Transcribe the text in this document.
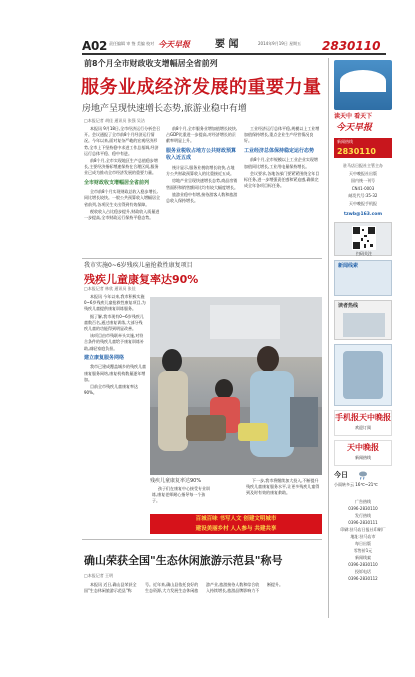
A02 责任编辑 审 签 美编 校对 今天早报	要 闻	2014年9月19日 星期五 2830110
前8个月全市财政收支增幅居全省前列
服务业成经济发展的重要力量
房地产呈现快速增长态势,旅游业稳中有增
□本报记者 胡佳 通讯员 张强 吴洁

本报讯 9月18日,全市经济运行分析会召开。会议通报了全市前8个月经济运行情况。今年以来,面对复杂严峻的宏观经济形势,全市上下坚持稳中求进工作总基调,经济运行总体平稳、稳中有进。

前8个月,全市实现地区生产总值稳步增长,主要经济指标增速保持在合理区间,服务业已成为推动全市经济发展的重要力量。

全市财政收支增幅居全省前列

全市前8个月实现财政总收入稳步增长,同比增长较快。一般公共预算收入增幅居全省前列,各项民生支出得到有效保障。

税收收入占比稳步提升,财政收入质量进一步提高,全市财政运行保持平稳态势。

前8个月,全市服务业增加值增长较快,占GDP比重进一步提高,对经济增长的贡献率明显上升。

服务业税收占地方公共财政预算收入近五成

统计显示,服务业税收增长较快,占地方公共财政预算收入的比重接近五成。

房地产业呈现快速增长态势,商品房销售面积和销售额同比均有较大幅度增长。

旅游业稳中有增,接待游客人数和旅游总收入保持增长。

工业经济运行总体平稳,规模以上工业增加值保持增长,重点企业生产经营情况良好。

工业经济总体保持稳定运行态势

前8个月,全市规模以上工业企业实现增加值同比增长,工业用电量保持增长。

会议要求,各地各部门要紧紧围绕全年目标任务,进一步增强责任感和紧迫感,确保完成全年各项目标任务。

我市实施0~6岁残疾儿童抢救性康复项目
残疾儿童康复率达90%
□本报记者 林欣 通讯员 张佳

本报讯 今年以来,我市积极实施0~6岁残疾儿童抢救性康复项目,为残疾儿童提供康复训练服务。

据了解,我市现有0~6岁残疾儿童数百名,通过康复训练,大部分残疾儿童的功能得到明显改善。

该项目由市残联牵头实施,对符合条件的残疾儿童给予康复训练补助,减轻家庭负担。

建立康复服务网络

我市已建成覆盖城乡的残疾儿童康复服务网络,康复机构数量逐年增加。

目前全市残疾儿童康复率达90%。

残疾儿童康复率达90%

孩子们在康复中心接受专业训练,康复老师耐心指导每一个孩子。

下一步,我市将继续加大投入,不断提升残疾儿童康复服务水平,让更多残疾儿童得到及时有效的康复救助。

百城百味 书写人文 创建文明城市
建设美丽乡村 人人参与 共建共享
确山荣获全国"生态休闲旅游示范县"称号
□本报记者 王明

本报讯 近日,确山县荣获全国"生态休闲旅游示范县"称号。近年来,确山县依托良好的生态资源,大力发展生态休闲旅游产业,旅游接待人数和综合收入持续增长,旅游品牌影响力不断提升。

读天中 看天下
今天早报
新闻热线
2830110
驻马店日报社主管主办
天中晚报社出版
国内统一刊号
CN41-0003
邮发代号:35-32
天中晚报手机报
tzwb@163.com
扫码关注
新闻线索
读者热线
手机报天中晚报
欢迎订阅
天中晚报
新闻热线
今日
小雨转多云 16℃~21℃
广告热线
0396-2830110
发行热线
0396-2830111
印刷:驻马店日报社印刷厂
地址:驻马店市
每日出版
零售价1元
新闻线索
0396-2830110
投诉电话
0396-2830112
